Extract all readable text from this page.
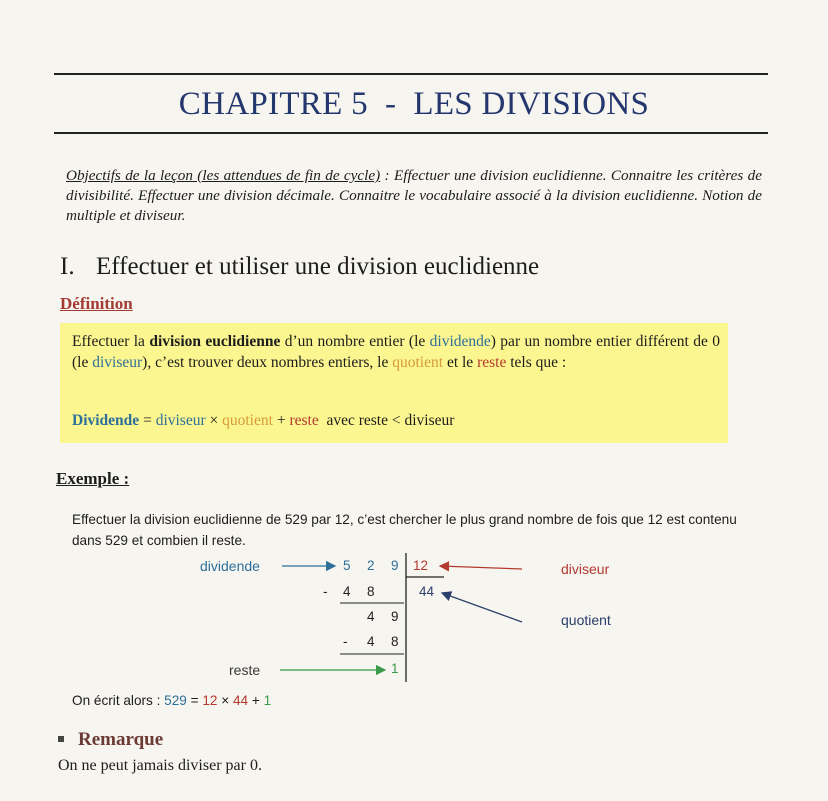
CHAPITRE 5  -  LES DIVISIONS
Objectifs de la leçon (les attendues de fin de cycle) : Effectuer une division euclidienne. Connaitre les critères de divisibilité. Effectuer une division décimale. Connaitre le vocabulaire associé à la division euclidienne. Notion de multiple et diviseur.
I. Effectuer et utiliser une division euclidienne
Définition
Effectuer la division euclidienne d’un nombre entier (le dividende) par un nombre entier différent de 0 (le diviseur), c’est trouver deux nombres entiers, le quotient et le reste tels que :
Dividende = diviseur × quotient + reste  avec reste < diviseur
Exemple :
Effectuer la division euclidienne de 529 par 12, c’est chercher le plus grand nombre de fois que 12 est contenu dans 529 et combien il reste.
dividende	diviseur
quotient
reste
5 2 9
- 4 8
4 9
- 4 8
1
12
44
On écrit alors : 529 = 12 × 44 + 1
Remarque
On ne peut jamais diviser par 0.
